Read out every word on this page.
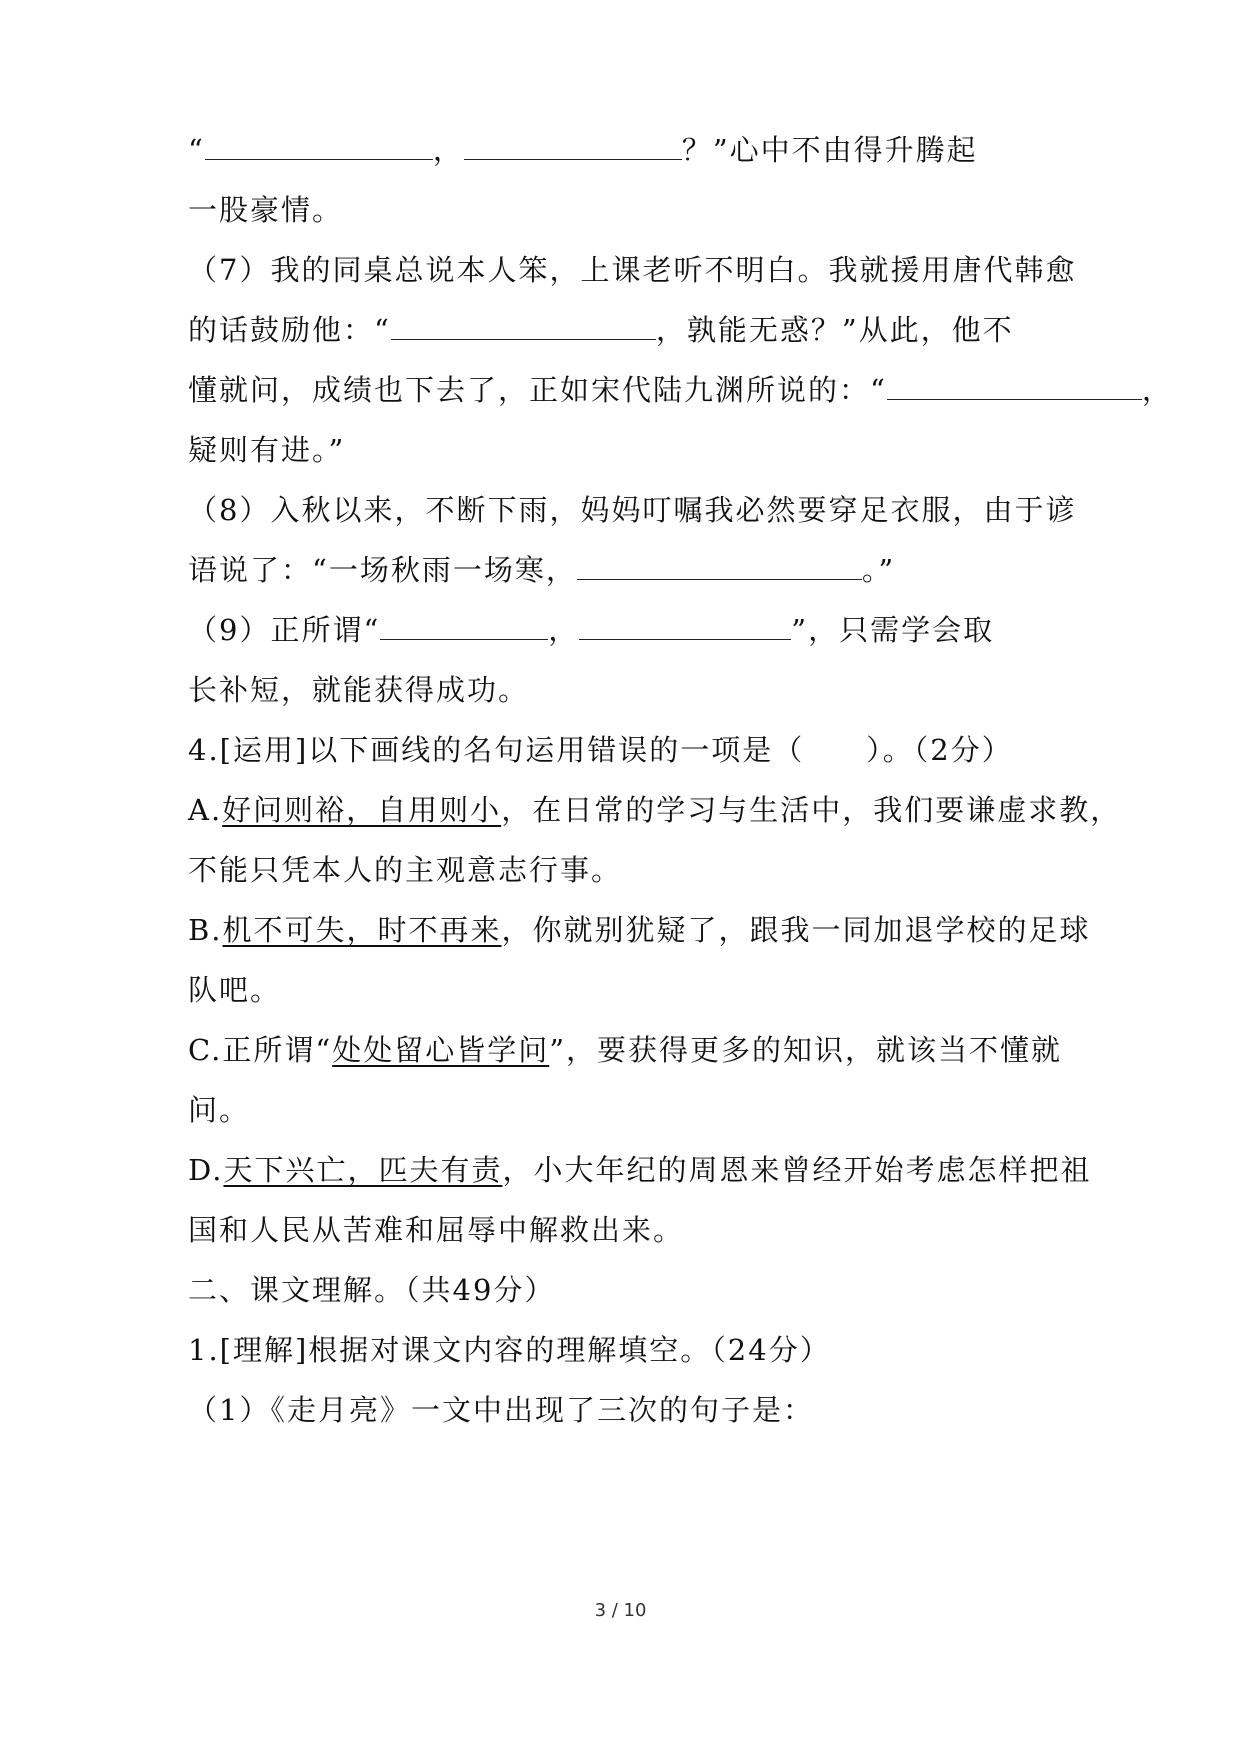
“	，	？”心中不由得升腾起
一股豪情。
（7）我的同桌总说本人笨，上课老听不明白。我就援用唐代韩愈
的话鼓励他：“	，孰能无惑？”从此，他不
懂就问，成绩也下去了，正如宋代陆九渊所说的：“	，
疑则有进。”
（8）入秋以来，不断下雨，妈妈叮嘱我必然要穿足衣服，由于谚
语说了：“一场秋雨一场寒，	。”
（9）正所谓“	，	”，只需学会取
长补短，就能获得成功。
4.[运用]以下画线的名句运用错误的一项是（　　）。（2分）
A.好问则裕，自用则小，在日常的学习与生活中，我们要谦虚求教，
不能只凭本人的主观意志行事。
B.机不可失，时不再来，你就别犹疑了，跟我一同加退学校的足球
队吧。
C.正所谓“处处留心皆学问”，要获得更多的知识，就该当不懂就
问。
D.天下兴亡，匹夫有责，小大年纪的周恩来曾经开始考虑怎样把祖
国和人民从苦难和屈辱中解救出来。
二、课文理解。（共49分）
1.[理解]根据对课文内容的理解填空。（24分）
（1）《走月亮》一文中出现了三次的句子是：
3 / 10
